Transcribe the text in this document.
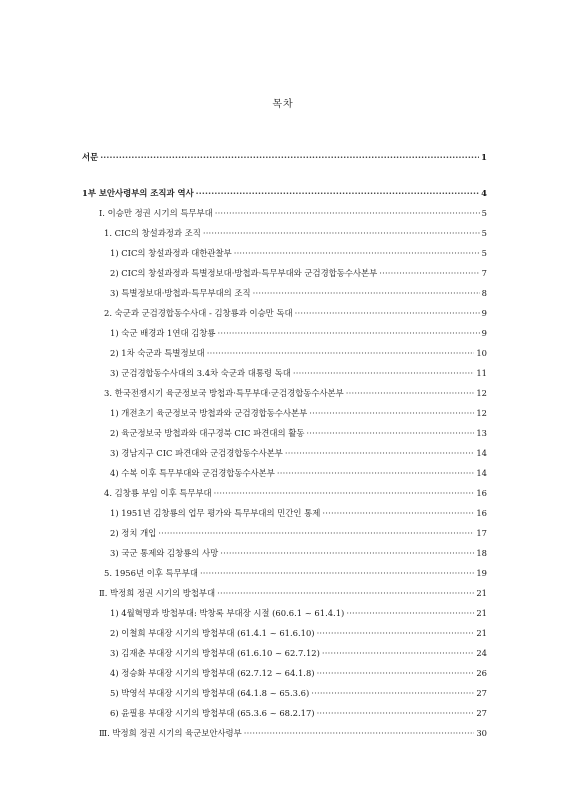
목차
서문 ·····	1
1부 보안사령부의 조직과 역사 ·····	4
Ⅰ. 이승만 정권 시기의 특무부대 ·····	5
1. CIC의 창설과정과 조직 ·····	5
1) CIC의 창설과정과 대한관찰부 ·····	5
2) CIC의 창설과정과 특별정보대·방첩과·특무부대와 군검경합동수사본부 ·····	7
3) 특별정보대·방첩과·특무부대의 조직 ·····	8
2. 숙군과 군검경합동수사대 - 김창룡과 이승만 독대 ·····	9
1) 숙군 배경과 1연대 김창룡 ·····	9
2) 1차 숙군과 특별정보대 ·····	10
3) 군검경합동수사대의 3.4차 숙군과 대통령 독대 ·····	11
3. 한국전쟁시기 육군정보국 방첩과·특무부대·군검경합동수사본부 ·····	12
1) 개전초기 육군정보국 방첩과와 군검경합동수사본부 ·····	12
2) 육군정보국 방첩과와 대구경북 CIC 파견대의 활동 ·····	13
3) 경남지구 CIC 파견대와 군검경합동수사본부 ·····	14
4) 수복 이후 특무부대와 군검경합동수사본부 ·····	14
4. 김창룡 부임 이후 특무부대 ·····	16
1) 1951년 김창룡의 업무 평가와 특무부대의 민간인 통제 ·····	16
2) 정치 개입 ·····	17
3) 국군 통제와 김창룡의 사망 ·····	18
5. 1956년 이후 특무부대 ·····	19
Ⅱ. 박정희 정권 시기의 방첩부대 ·····	21
1) 4월혁명과 방첩부대: 박창록 부대장 시절 (60.6.1 ~ 61.4.1) ·····	21
2) 이철희 부대장 시기의 방첩부대 (61.4.1 ~ 61.6.10) ·····	21
3) 김재춘 부대장 시기의 방첩부대 (61.6.10 ~ 62.7.12) ·····	24
4) 정승화 부대장 시기의 방첩부대 (62.7.12 ~ 64.1.8) ·····	26
5) 박영석 부대장 시기의 방첩부대 (64.1.8 ~ 65.3.6) ·····	27
6) 윤필용 부대장 시기의 방첩부대 (65.3.6 ~ 68.2.17) ·····	27
Ⅲ. 박정희 정권 시기의 육군보안사령부 ·····	30
